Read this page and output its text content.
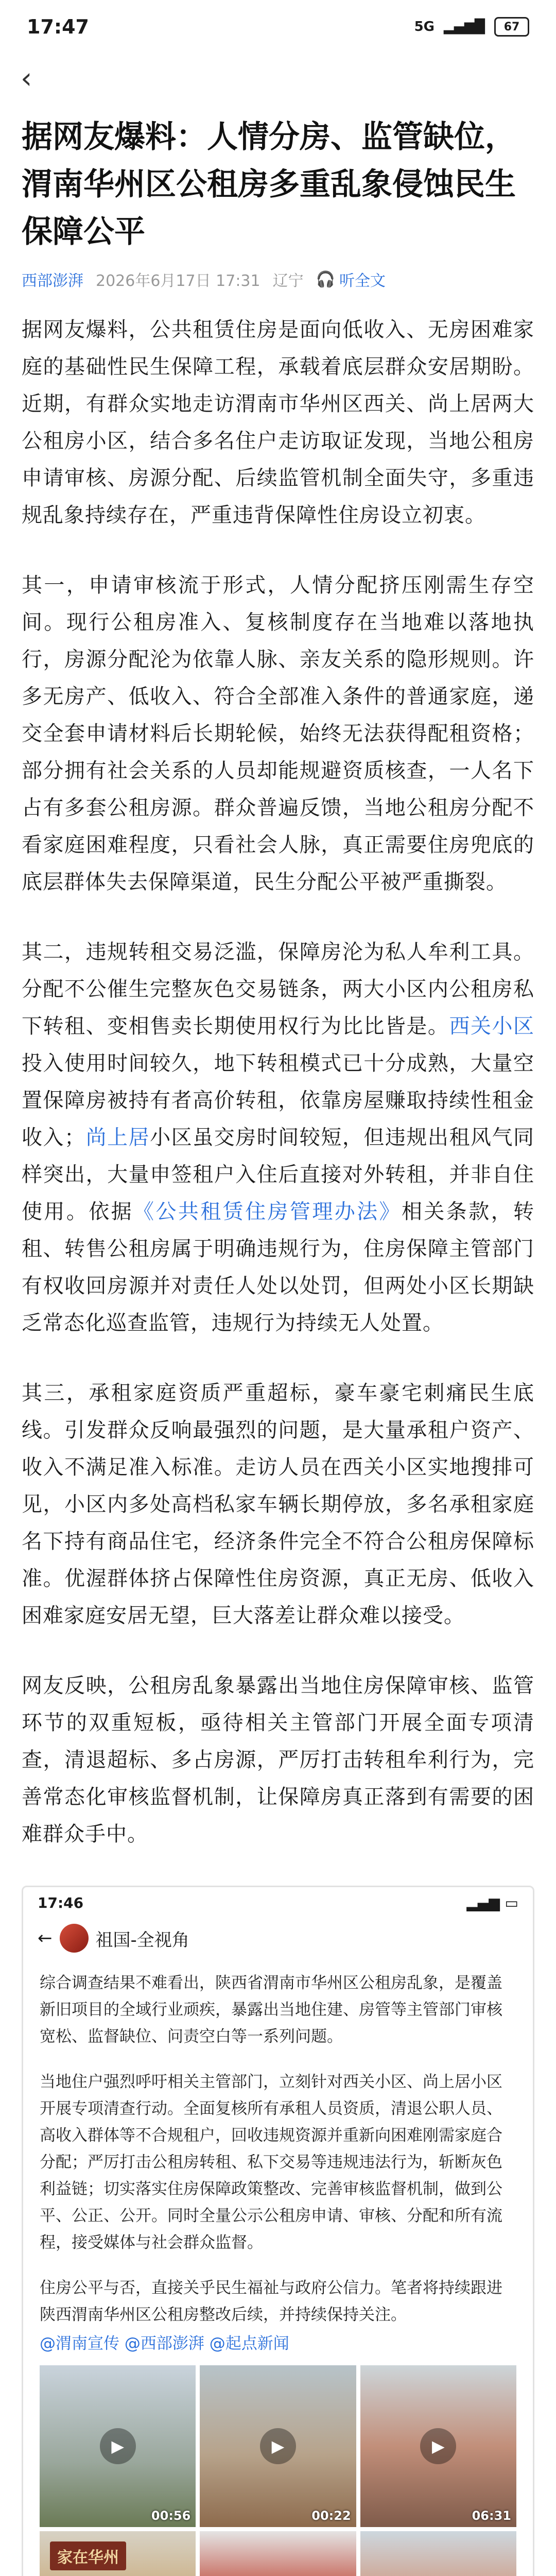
17:47	5G ▂▄▆█ 67
‹
据网友爆料：人情分房、监管缺位，渭南华州区公租房多重乱象侵蚀民生保障公平
西部澎湃 2026年6月17日 17:31 辽宁 🎧 听全文

据网友爆料，公共租赁住房是面向低收入、无房困难家庭的基础性民生保障工程，承载着底层群众安居期盼。近期，有群众实地走访渭南市华州区西关、尚上居两大公租房小区，结合多名住户走访取证发现，当地公租房申请审核、房源分配、后续监管机制全面失守，多重违规乱象持续存在，严重违背保障性住房设立初衷。

其一，申请审核流于形式，人情分配挤压刚需生存空间。现行公租房准入、复核制度存在当地难以落地执行，房源分配沦为依靠人脉、亲友关系的隐形规则。许多无房产、低收入、符合全部准入条件的普通家庭，递交全套申请材料后长期轮候，始终无法获得配租资格；部分拥有社会关系的人员却能规避资质核查，一人名下占有多套公租房源。群众普遍反馈，当地公租房分配不看家庭困难程度，只看社会人脉，真正需要住房兜底的底层群体失去保障渠道，民生分配公平被严重撕裂。

其二，违规转租交易泛滥，保障房沦为私人牟利工具。分配不公催生完整灰色交易链条，两大小区内公租房私下转租、变相售卖长期使用权行为比比皆是。西关小区投入使用时间较久，地下转租模式已十分成熟，大量空置保障房被持有者高价转租，依靠房屋赚取持续性租金收入；尚上居小区虽交房时间较短，但违规出租风气同样突出，大量申签租户入住后直接对外转租，并非自住使用。依据《公共租赁住房管理办法》相关条款，转租、转售公租房属于明确违规行为，住房保障主管部门有权收回房源并对责任人处以处罚，但两处小区长期缺乏常态化巡查监管，违规行为持续无人处置。

其三，承租家庭资质严重超标，豪车豪宅刺痛民生底线。引发群众反响最强烈的问题，是大量承租户资产、收入不满足准入标准。走访人员在西关小区实地搜排可见，小区内多处高档私家车辆长期停放，多名承租家庭名下持有商品住宅，经济条件完全不符合公租房保障标准。优渥群体挤占保障性住房资源，真正无房、低收入困难家庭安居无望，巨大落差让群众难以接受。

网友反映，公租房乱象暴露出当地住房保障审核、监管环节的双重短板，亟待相关主管部门开展全面专项清查，清退超标、多占房源，严厉打击转租牟利行为，完善常态化审核监督机制，让保障房真正落到有需要的困难群众手中。

17:46	▂▄▆ ▭
← 祖国-全视角

综合调查结果不难看出，陕西省渭南市华州区公租房乱象，是覆盖新旧项目的全域行业顽疾，暴露出当地住建、房管等主管部门审核宽松、监督缺位、问责空白等一系列问题。

当地住户强烈呼吁相关主管部门，立刻针对西关小区、尚上居小区开展专项清查行动。全面复核所有承租人员资质，清退公职人员、高收入群体等不合规租户，回收违规资源并重新向困难刚需家庭合分配；严厉打击公租房转租、私下交易等违规违法行为，斩断灰色利益链；切实落实住房保障政策整改、完善审核监督机制，做到公平、公正、公开。同时全量公示公租房申请、审核、分配和所有流程，接受媒体与社会群众监督。

住房公平与否，直接关乎民生福祉与政府公信力。笔者将持续跟进陕西渭南华州区公租房整改后续，并持续保持关注。

@渭南宣传 @西部澎湃 @起点新闻
▶
00:56
▶
00:22
▶
06:31
家在华州
